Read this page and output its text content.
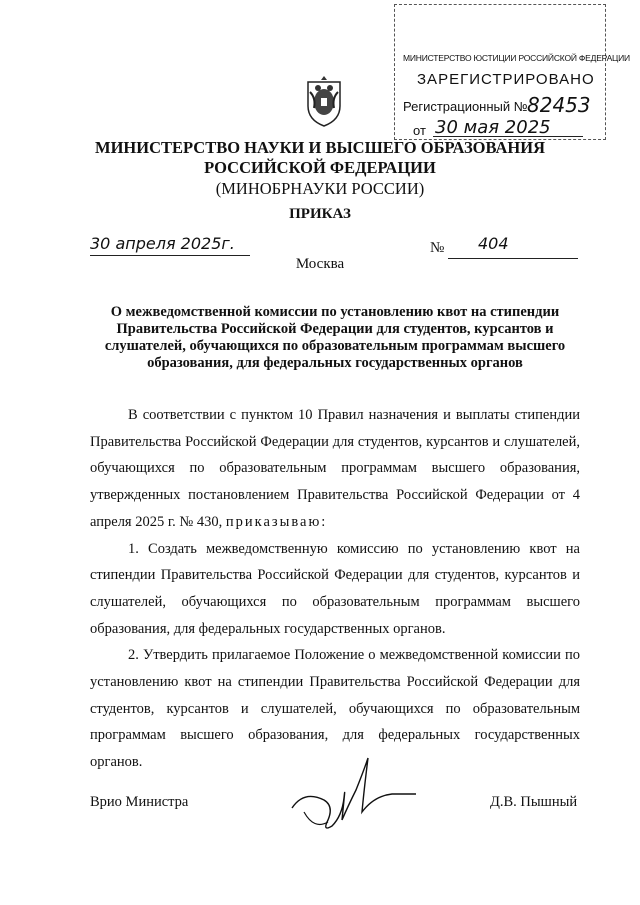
МИНИСТЕРСТВО ЮСТИЦИИ РОССИЙСКОЙ ФЕДЕРАЦИИ
ЗАРЕГИСТРИРОВАНО
Регистрационный № 82453
от 30 мая 2025
МИНИСТЕРСТВО НАУКИ И ВЫСШЕГО ОБРАЗОВАНИЯ
РОССИЙСКОЙ ФЕДЕРАЦИИ
(МИНОБРНАУКИ РОССИИ)
ПРИКАЗ
30 апреля 2025г.	№ 404
Москва
О межведомственной комиссии по установлению квот на стипендии Правительства Российской Федерации для студентов, курсантов и слушателей, обучающихся по образовательным программам высшего образования, для федеральных государственных органов

В соответствии с пунктом 10 Правил назначения и выплаты стипендии Правительства Российской Федерации для студентов, курсантов и слушателей, обучающихся по образовательным программам высшего образования, утвержденных постановлением Правительства Российской Федерации от 4 апреля 2025 г. № 430, приказываю:

1. Создать межведомственную комиссию по установлению квот на стипендии Правительства Российской Федерации для студентов, курсантов и слушателей, обучающихся по образовательным программам высшего образования, для федеральных государственных органов.

2. Утвердить прилагаемое Положение о межведомственной комиссии по установлению квот на стипендии Правительства Российской Федерации для студентов, курсантов и слушателей, обучающихся по образовательным программам высшего образования, для федеральных государственных органов.

Врио Министра	Д.В. Пышный
